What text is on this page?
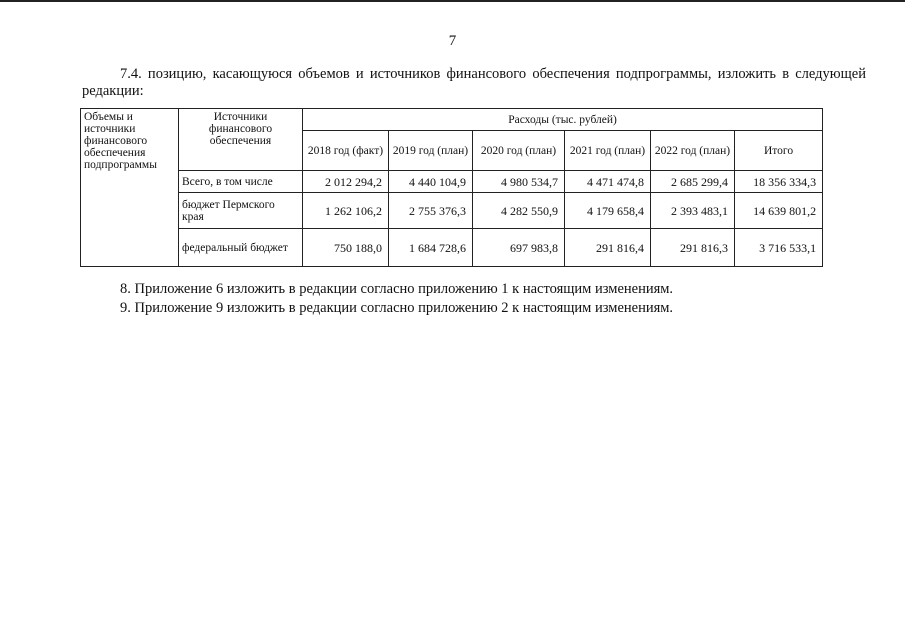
7
7.4. позицию, касающуюся объемов и источников финансового обеспечения подпрограммы, изложить в следующей редакции:
Объемы и источники финансового обеспечения подпрограммы	Источники финансового обеспечения	Расходы (тыс. рублей)					
		2018 год (факт)	2019 год (план)	2020 год (план)	2021 год (план)	2022 год (план)	Итого
	Всего, в том числе	2 012 294,2	4 440 104,9	4 980 534,7	4 471 474,8	2 685 299,4	18 356 334,3
	бюджет Пермского края	1 262 106,2	2 755 376,3	4 282 550,9	4 179 658,4	2 393 483,1	14 639 801,2
	федеральный бюджет	750 188,0	1 684 728,6	697 983,8	291 816,4	291 816,3	3 716 533,1
8. Приложение 6 изложить в редакции согласно приложению 1 к настоящим изменениям.
9. Приложение 9 изложить в редакции согласно приложению 2 к настоящим изменениям.
